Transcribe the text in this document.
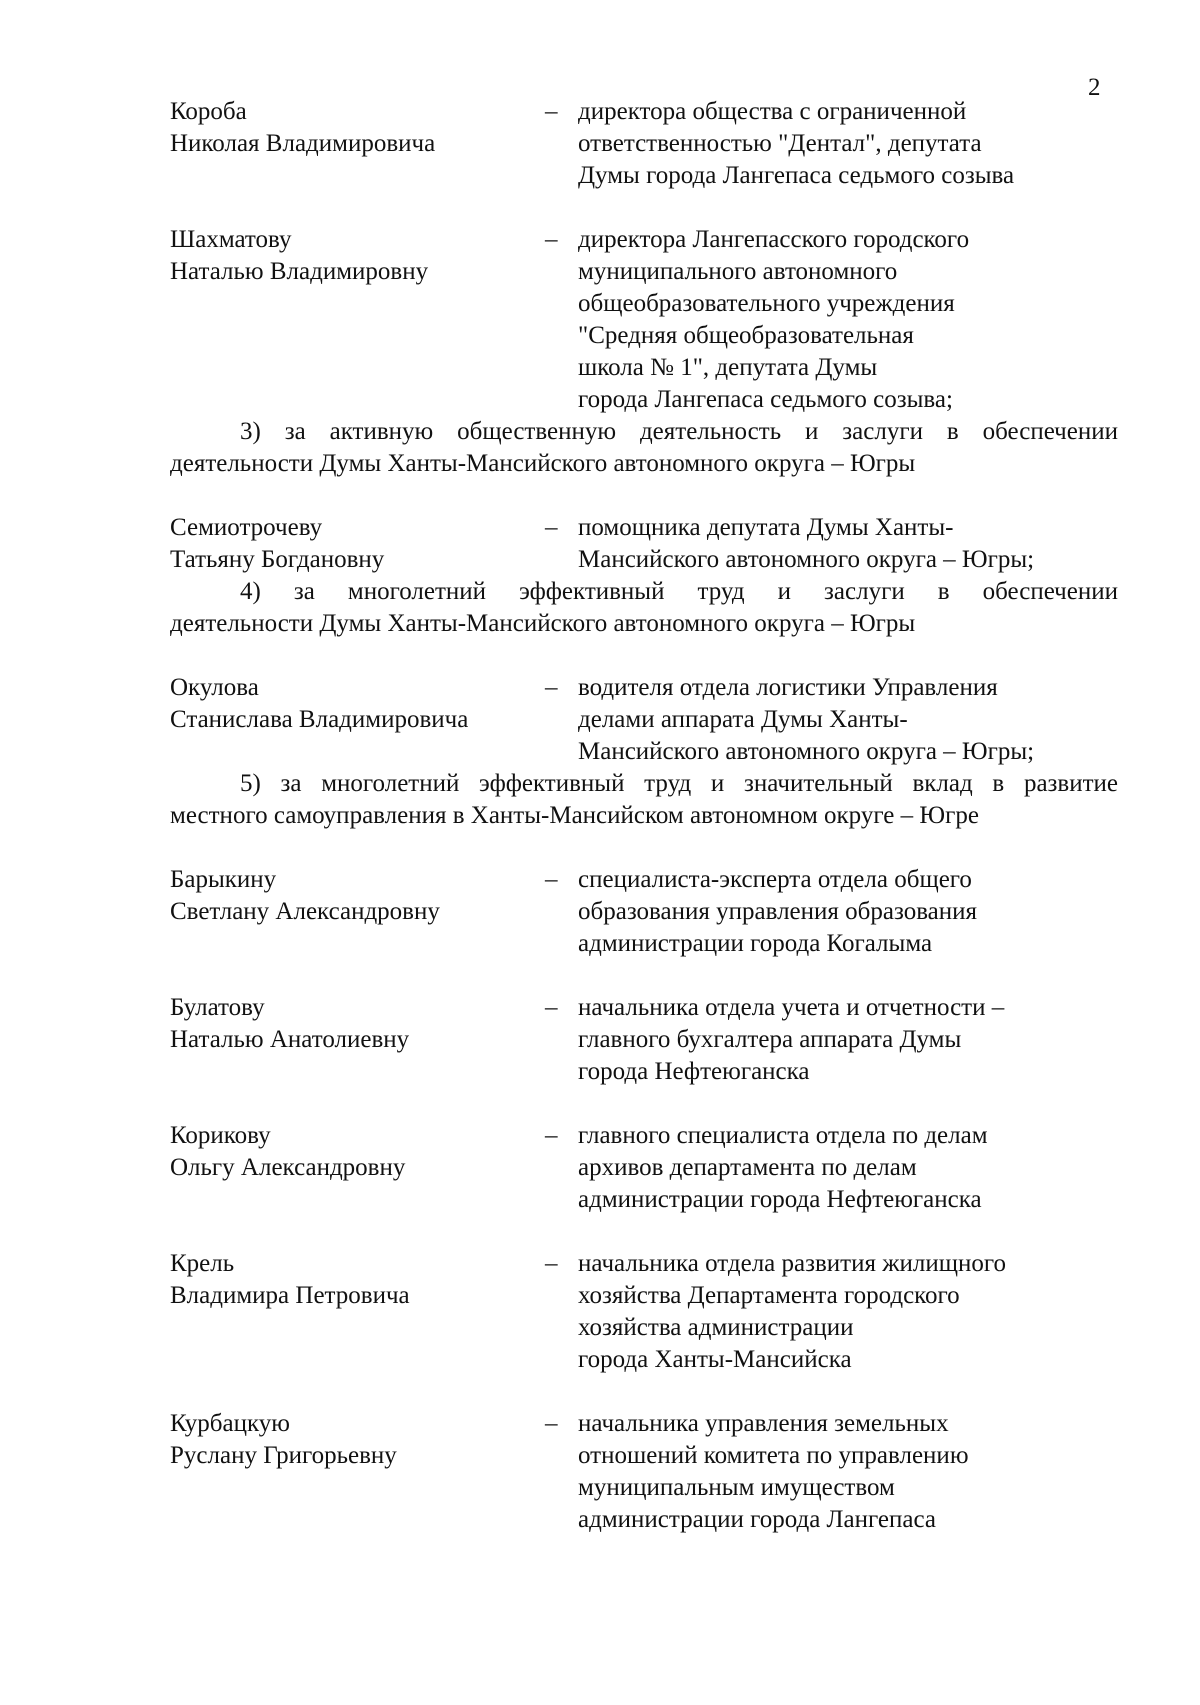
2
Короба
Николая Владимировича
– директора общества с ограниченной
ответственностью "Дентал", депутата
Думы города Лангепаса седьмого созыва
Шахматову
Наталью Владимировну
– директора Лангепасского городского
муниципального автономного
общеобразовательного учреждения
"Средняя общеобразовательная
школа № 1", депутата Думы
города Лангепаса седьмого созыва;
3) за активную общественную деятельность и заслуги в обеспечении
деятельности Думы Ханты-Мансийского автономного округа – Югры
Семиотрочеву
Татьяну Богдановну
– помощника депутата Думы Ханты-
Мансийского автономного округа – Югры;
4) за многолетний эффективный труд и заслуги в обеспечении
деятельности Думы Ханты-Мансийского автономного округа – Югры
Окулова
Станислава Владимировича
– водителя отдела логистики Управления
делами аппарата Думы Ханты-
Мансийского автономного округа – Югры;
5) за многолетний эффективный труд и значительный вклад в развитие
местного самоуправления в Ханты-Мансийском автономном округе – Югре
Барыкину
Светлану Александровну
– специалиста-эксперта отдела общего
образования управления образования
администрации города Когалыма
Булатову
Наталью Анатолиевну
– начальника отдела учета и отчетности –
главного бухгалтера аппарата Думы
города Нефтеюганска
Корикову
Ольгу Александровну
– главного специалиста отдела по делам
архивов департамента по делам
администрации города Нефтеюганска
Крель
Владимира Петровича
– начальника отдела развития жилищного
хозяйства Департамента городского
хозяйства администрации
города Ханты-Мансийска
Курбацкую
Руслану Григорьевну
– начальника управления земельных
отношений комитета по управлению
муниципальным имуществом
администрации города Лангепаса
